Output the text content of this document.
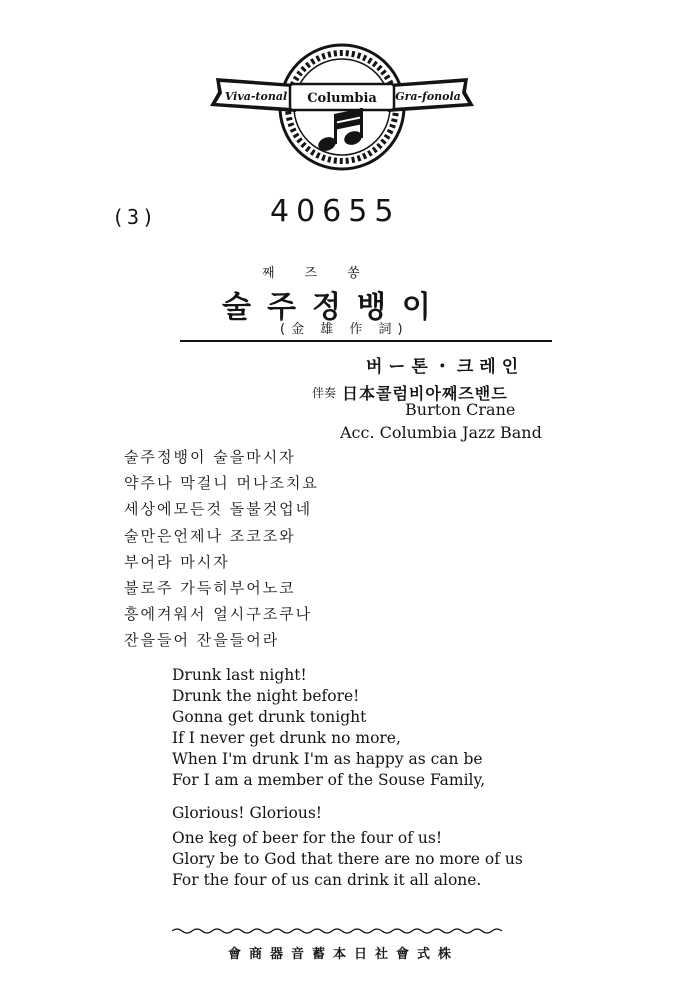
Viva-tonal Columbia Gra-fonola
(3)	40655
째즈쏭
술주정뱅이
(金 雄 作 詞)
버ー톤・크레인
伴奏 日本콜럼비아째즈밴드
Burton Crane
Acc. Columbia Jazz Band
술주정뱅이 술을마시자
약주나 막걸니 머나조치요
세상에모든것 돌불것업네
술만은언제나 조코조와
부어라 마시자
불로주 가득히부어노코
흥에겨워서 얼시구조쿠나
잔을들어 잔을들어라
Drunk last night!
Drunk the night before!
Gonna get drunk tonight
If I never get drunk no more,
When I'm drunk I'm as happy as can be
For I am a member of the Souse Family,
Glorious! Glorious!
One keg of beer for the four of us!
Glory be to God that there are no more of us
For the four of us can drink it all alone.
會商器音蓄本日社會式株
